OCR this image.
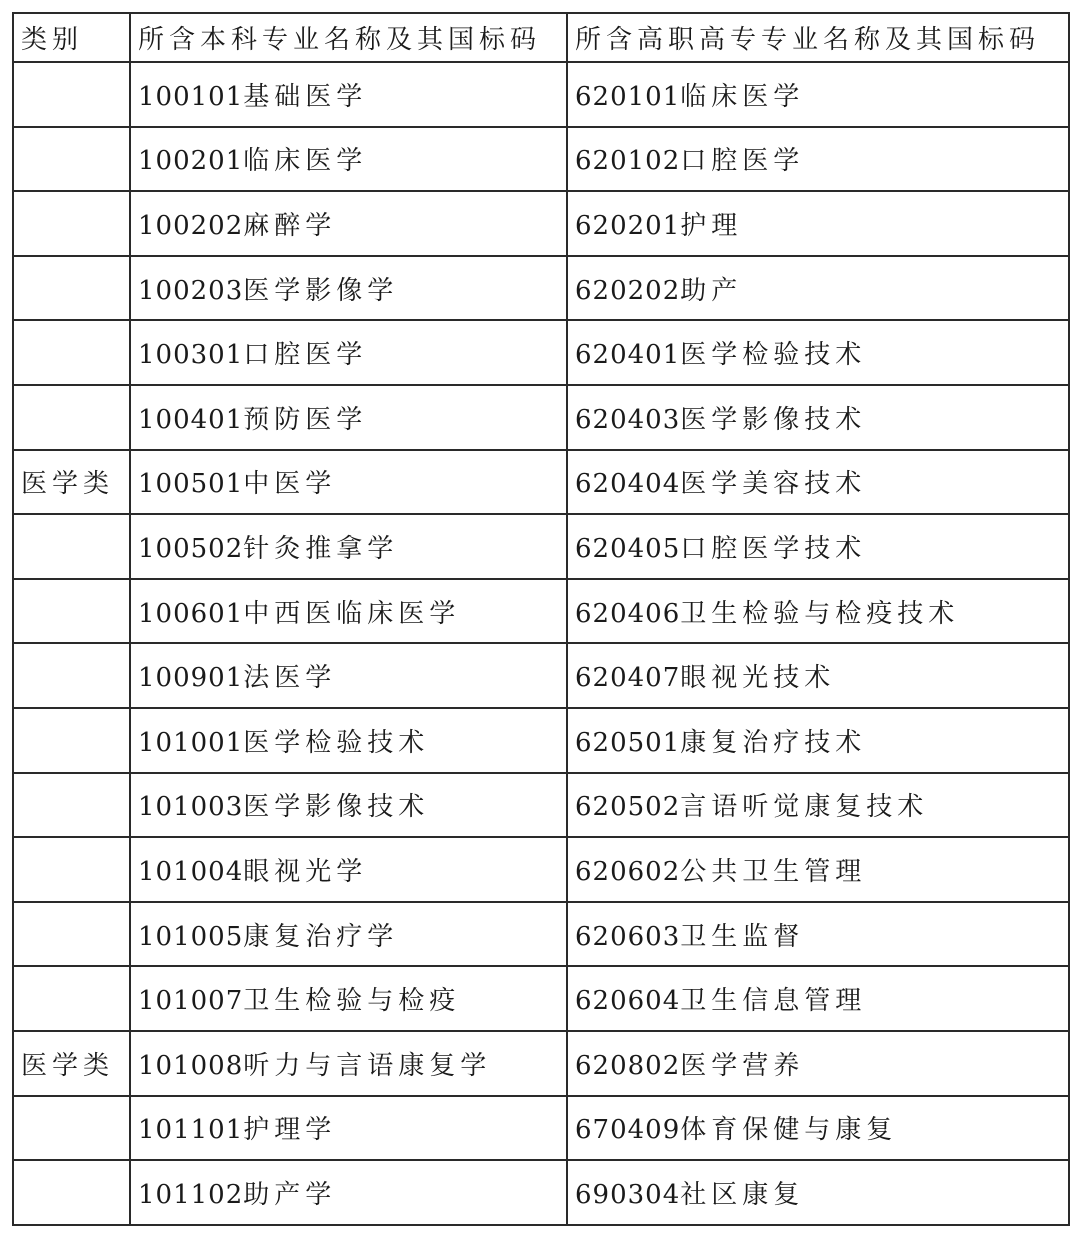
类别	所含本科专业名称及其国标码	所含高职高专专业名称及其国标码
	100101基础医学	620101临床医学
	100201临床医学	620102口腔医学
	100202麻醉学	620201护理
	100203医学影像学	620202助产
	100301口腔医学	620401医学检验技术
	100401预防医学	620403医学影像技术
医学类	100501中医学	620404医学美容技术
	100502针灸推拿学	620405口腔医学技术
	100601中西医临床医学	620406卫生检验与检疫技术
	100901法医学	620407眼视光技术
	101001医学检验技术	620501康复治疗技术
	101003医学影像技术	620502言语听觉康复技术
	101004眼视光学	620602公共卫生管理
	101005康复治疗学	620603卫生监督
	101007卫生检验与检疫	620604卫生信息管理
医学类	101008听力与言语康复学	620802医学营养
	101101护理学	670409体育保健与康复
	101102助产学	690304社区康复
